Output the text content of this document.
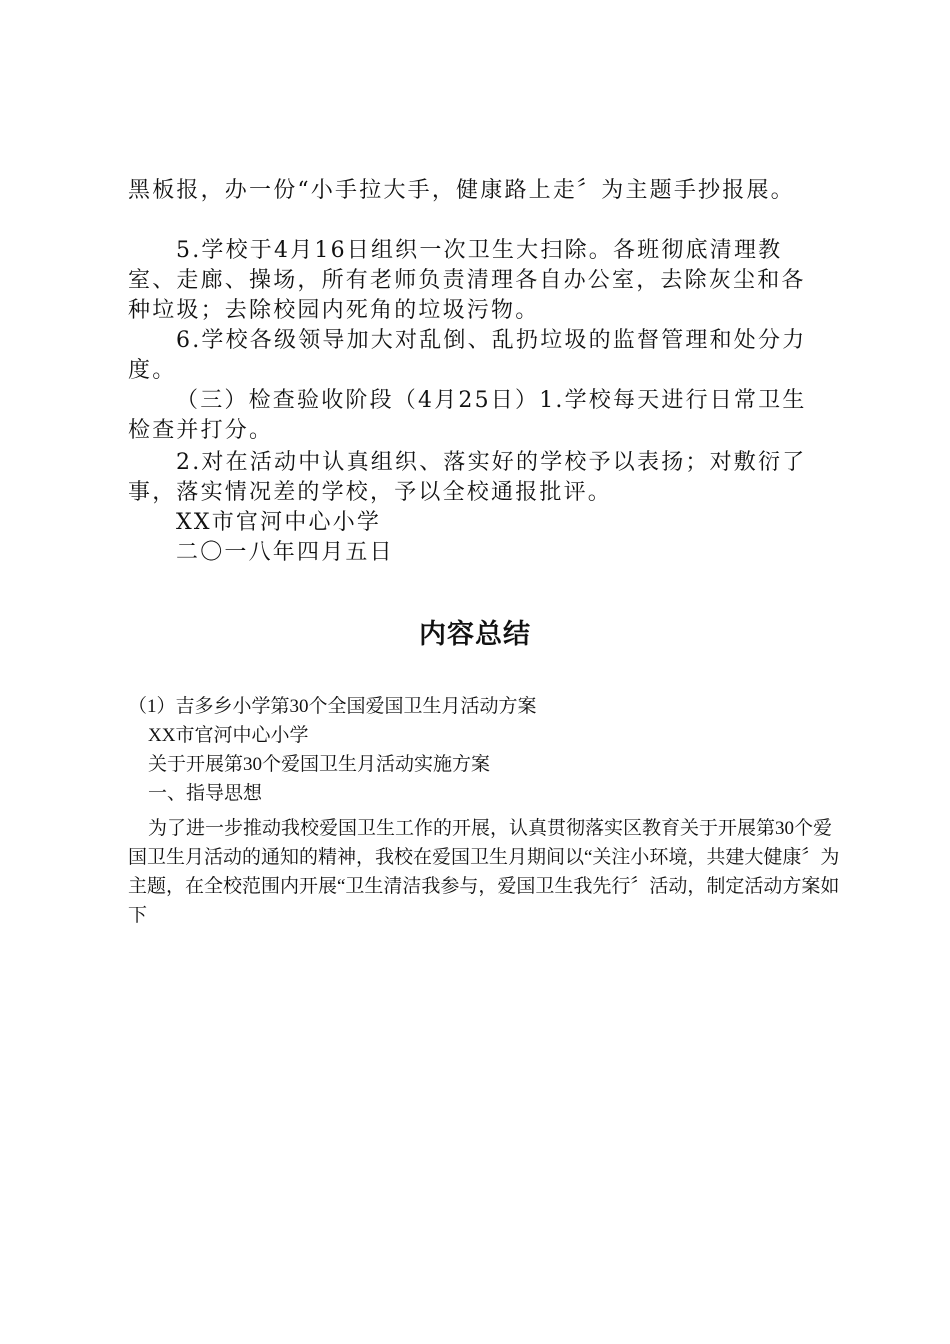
黑板报，办一份“小手拉大手，健康路上走〞为主题手抄报展。

5.学校于4月16日组织一次卫生大扫除。各班彻底清理教室、走廊、操场，所有老师负责清理各自办公室，去除灰尘和各种垃圾；去除校园内死角的垃圾污物。

6.学校各级领导加大对乱倒、乱扔垃圾的监督管理和处分力度。

（三）检查验收阶段（4月25日）1.学校每天进行日常卫生检查并打分。

2.对在活动中认真组织、落实好的学校予以表扬；对敷衍了事，落实情况差的学校，予以全校通报批评。

XX市官河中心小学

二〇一八年四月五日

内容总结

（1）吉多乡小学第30个全国爱国卫生月活动方案

XX市官河中心小学

关于开展第30个爱国卫生月活动实施方案

一、指导思想

为了进一步推动我校爱国卫生工作的开展，认真贯彻落实区教育关于开展第30个爱国卫生月活动的通知的精神，我校在爱国卫生月期间以“关注小环境，共建大健康〞为主题，在全校范围内开展“卫生清洁我参与，爱国卫生我先行〞活动，制定活动方案如下
